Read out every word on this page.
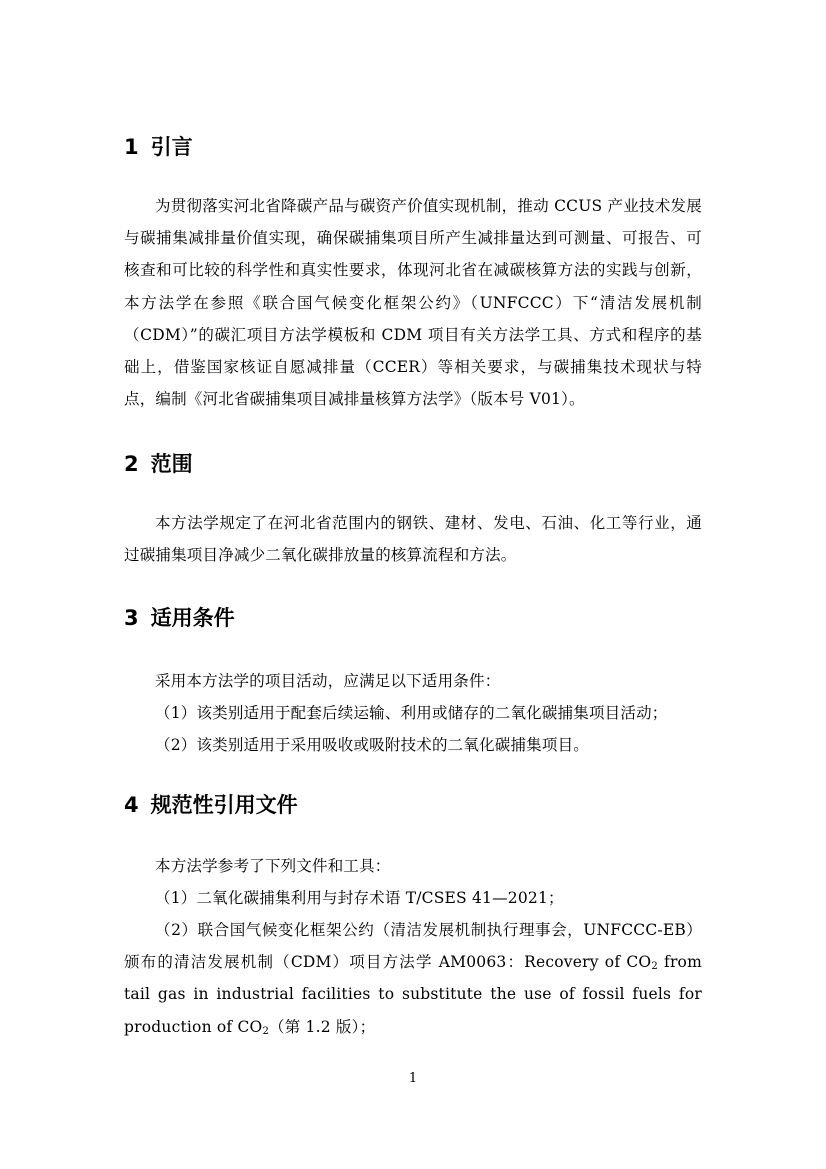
1 引言
为贯彻落实河北省降碳产品与碳资产价值实现机制，推动 CCUS 产业技术发展与碳捕集减排量价值实现，确保碳捕集项目所产生减排量达到可测量、可报告、可核查和可比较的科学性和真实性要求，体现河北省在减碳核算方法的实践与创新，本方法学在参照《联合国气候变化框架公约》（UNFCCC）下“清洁发展机制（CDM）”的碳汇项目方法学模板和 CDM 项目有关方法学工具、方式和程序的基础上，借鉴国家核证自愿减排量（CCER）等相关要求，与碳捕集技术现状与特点，编制《河北省碳捕集项目减排量核算方法学》（版本号 V01）。
2 范围
本方法学规定了在河北省范围内的钢铁、建材、发电、石油、化工等行业，通过碳捕集项目净减少二氧化碳排放量的核算流程和方法。
3 适用条件
采用本方法学的项目活动，应满足以下适用条件：
（1）该类别适用于配套后续运输、利用或储存的二氧化碳捕集项目活动；
（2）该类别适用于采用吸收或吸附技术的二氧化碳捕集项目。
4 规范性引用文件
本方法学参考了下列文件和工具：
（1）二氧化碳捕集利用与封存术语 T/CSES 41—2021；
（2）联合国气候变化框架公约（清洁发展机制执行理事会，UNFCCC-EB）颁布的清洁发展机制（CDM）项目方法学 AM0063：Recovery of $CO_2$ from tail gas in industrial facilities to substitute the use of fossil fuels for production of $CO_2$（第 1.2 版）；
1
